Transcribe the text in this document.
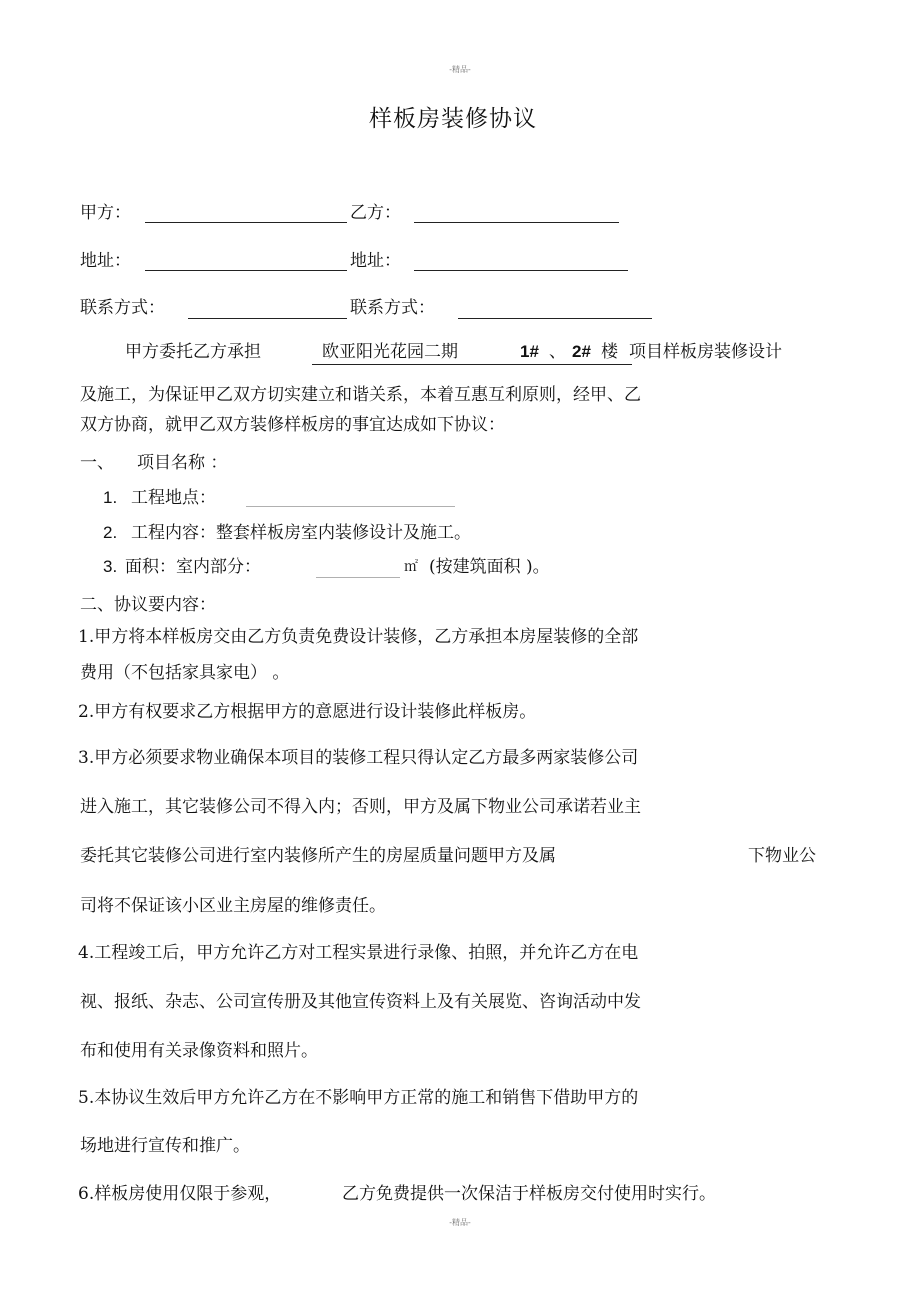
-精品-
-精品-
样板房装修协议
甲方：	乙方：
地址：	地址：
联系方式：	联系方式：
甲方委托乙方承担	欧亚阳光花园二期	1# 、 2# 楼 项目样板房装修设计
及施工，为保证甲乙双方切实建立和谐关系，本着互惠互利原则，经甲、乙
双方协商，就甲乙双方装修样板房的事宜达成如下协议：
一、 项目名称 ：
1. 工程地点：
2. 工程内容：整套样板房室内装修设计及施工。
3. 面积：室内部分：	㎡ (按建筑面积 )。
二、协议要内容：
1.甲方将本样板房交由乙方负责免费设计装修，乙方承担本房屋装修的全部
费用（不包括家具家电） 。
2.甲方有权要求乙方根据甲方的意愿进行设计装修此样板房。
3.甲方必须要求物业确保本项目的装修工程只得认定乙方最多两家装修公司
进入施工，其它装修公司不得入内；否则，甲方及属下物业公司承诺若业主
委托其它装修公司进行室内装修所产生的房屋质量问题甲方及属	下物业公
司将不保证该小区业主房屋的维修责任。
4.工程竣工后，甲方允许乙方对工程实景进行录像、拍照，并允许乙方在电
视、报纸、杂志、公司宣传册及其他宣传资料上及有关展览、咨询活动中发
布和使用有关录像资料和照片。
5.本协议生效后甲方允许乙方在不影响甲方正常的施工和销售下借助甲方的
场地进行宣传和推广。
6.样板房使用仅限于参观，	乙方免费提供一次保洁于样板房交付使用时实行。
